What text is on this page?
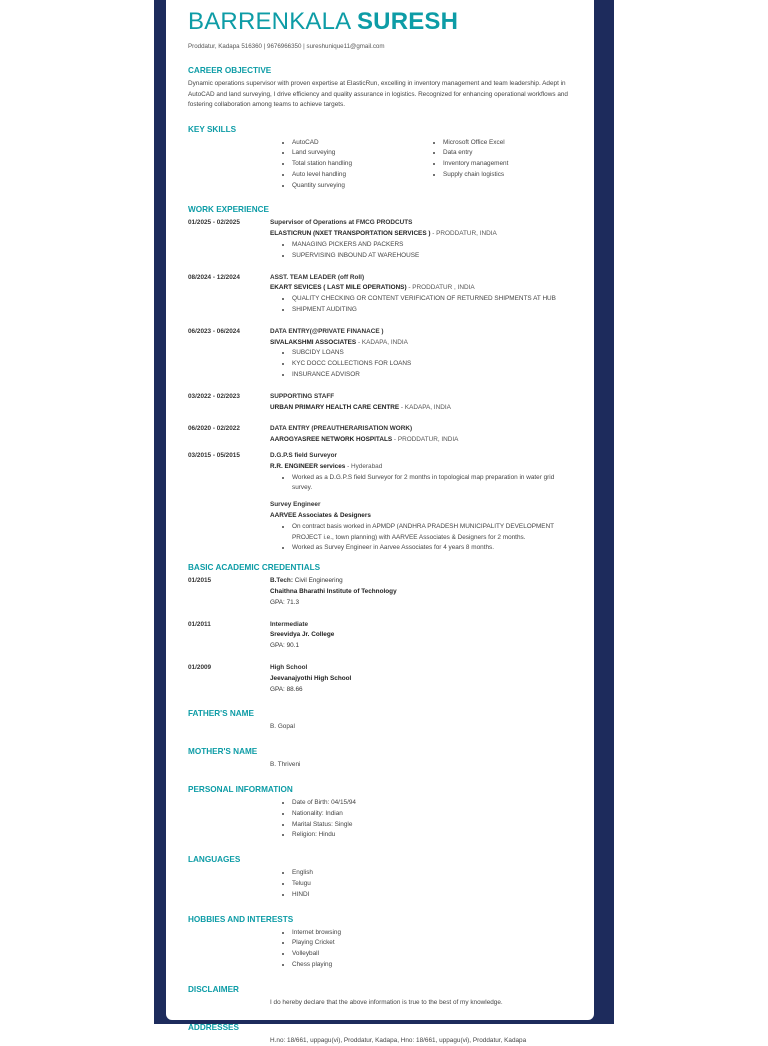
BARRENKALA SURESH
Proddatur, Kadapa 516360 | 9676966350 | sureshunique11@gmail.com
CAREER OBJECTIVE
Dynamic operations supervisor with proven expertise at ElasticRun, excelling in inventory management and team leadership. Adept in AutoCAD and land surveying, I drive efficiency and quality assurance in logistics. Recognized for enhancing operational workflows and fostering collaboration among teams to achieve targets.
KEY SKILLS
• AutoCAD
• Land surveying
• Total station handling
• Auto level handling
• Quantity surveying
• Microsoft Office Excel
• Data entry
• Inventory management
• Supply chain logistics
WORK EXPERIENCE
01/2025 - 02/2025	Supervisor of Operations at FMCG PRODCUTS
ELASTICRUN (NXET TRANSPORTATION SERVICES ) - PRODDATUR, INDIA
• MANAGING PICKERS AND PACKERS
• SUPERVISING INBOUND AT WAREHOUSE
08/2024 - 12/2024	ASST. TEAM LEADER (off Roll)
EKART SEVICES ( LAST MILE OPERATIONS) - PRODDATUR , INDIA
• QUALITY CHECKING OR CONTENT VERIFICATION OF RETURNED SHIPMENTS AT HUB
• SHIPMENT AUDITING
06/2023 - 06/2024	DATA ENTRY(@PRIVATE FINANACE )
SIVALAKSHMI ASSOCIATES - KADAPA, INDIA
• SUBCIDY LOANS
• KYC DOCC COLLECTIONS FOR LOANS
• INSURANCE ADVISOR
03/2022 - 02/2023	SUPPORTING STAFF
URBAN PRIMARY HEALTH CARE CENTRE - KADAPA, INDIA
06/2020 - 02/2022	DATA ENTRY (PREAUTHERARISATION WORK)
AAROGYASREE NETWORK HOSPITALS - PRODDATUR, INDIA
03/2015 - 05/2015	D.G.P.S field Surveyor
R.R. ENGINEER services - Hyderabad
• Worked as a D.G.P.S field Surveyor for 2 months in topological map preparation in water grid survey.
Survey Engineer
AARVEE Associates & Designers
• On contract basis worked in APMDP (ANDHRA PRADESH MUNICIPALITY DEVELOPMENT PROJECT i.e., town planning) with AARVEE Associates & Designers for 2 months.
• Worked as Survey Engineer in Aarvee Associates for 4 years 8 months.
BASIC ACADEMIC CREDENTIALS
01/2015	B.Tech: Civil Engineering
Chaithna Bharathi Institute of Technology
GPA: 71.3
01/2011	Intermediate
Sreevidya Jr. College
GPA: 90.1
01/2009	High School
Jeevanajyothi High School
GPA: 88.66
FATHER'S NAME
B. Gopal
MOTHER'S NAME
B. Thriveni
PERSONAL INFORMATION
• Date of Birth: 04/15/94
• Nationality: Indian
• Marital Status: Single
• Religion: Hindu
LANGUAGES
• English
• Telugu
• HINDI
HOBBIES AND INTERESTS
• Internet browsing
• Playing Cricket
• Volleyball
• Chess playing
DISCLAIMER
I do hereby declare that the above information is true to the best of my knowledge.
ADDRESSES
H.no: 18/661, uppagu(vi), Proddatur, Kadapa, Hno: 18/661, uppagu(vi), Proddatur, Kadapa
